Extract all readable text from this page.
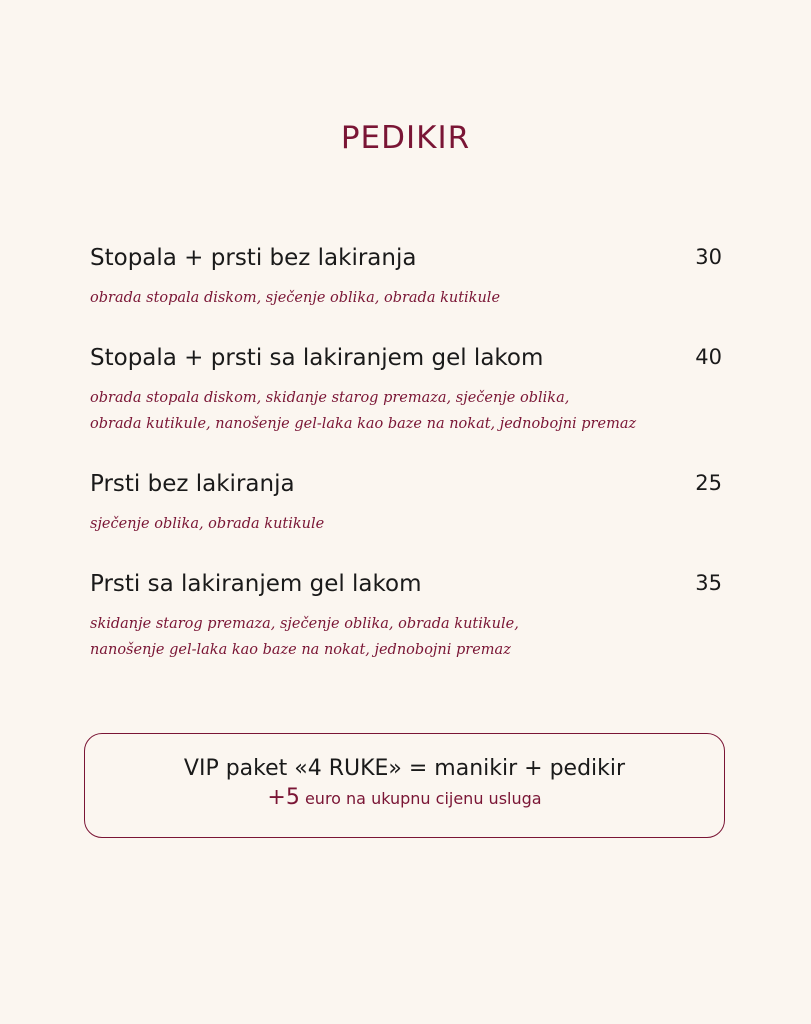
PEDIKIR
30
Stopala + prsti bez lakiranja
obrada stopala diskom, sječenje oblika, obrada kutikule
40
Stopala + prsti sa lakiranjem gel lakom
obrada stopala diskom, skidanje starog premaza, sječenje oblika,
obrada kutikule, nanošenje gel-laka kao baze na nokat, jednobojni premaz
25
Prsti bez lakiranja
sječenje oblika, obrada kutikule
35
Prsti sa lakiranjem gel lakom
skidanje starog premaza, sječenje oblika, obrada kutikule,
nanošenje gel-laka kao baze na nokat, jednobojni premaz
VIP paket «4 RUKE» = manikir + pedikir
+5 euro na ukupnu cijenu usluga
